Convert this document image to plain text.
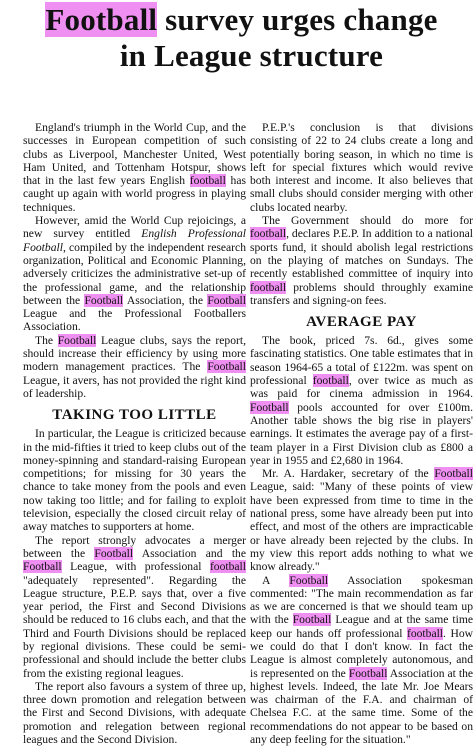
Football survey urges change
in League structure

England's triumph in the World Cup, and the successes in European competition of such clubs as Liverpool, Manchester United, West Ham United, and Tottenham Hotspur, shows that in the last few years English football has caught up again with world progress in playing techniques.

However, amid the World Cup rejoicings, a new survey entitled English Professional Football, compiled by the independent research organization, Political and Economic Planning, adversely criticizes the administrative set-up of the professional game, and the relationship between the Football Association, the Football League and the Professional Footballers Association.

The Football League clubs, says the report, should increase their efficiency by using more modern management practices. The Football League, it avers, has not provided the right kind of leadership.

TAKING TOO LITTLE

In particular, the League is criticized because in the mid-fifties it tried to keep clubs out of the money-spinning and standard-raising European competitions; for missing for 30 years the chance to take money from the pools and even now taking too little; and for failing to exploit television, especially the closed circuit relay of away matches to supporters at home.

The report strongly advocates a merger between the Football Association and the Football League, with professional football "adequately represented". Regarding the League structure, P.E.P. says that, over a five year period, the First and Second Divisions should be reduced to 16 clubs each, and that the Third and Fourth Divisions should be replaced by regional divisions. These could be semi-professional and should include the better clubs from the existing regional leagues.

The report also favours a system of three up, three down promotion and relegation between the First and Second Divisions, with adequate promotion and relegation between regional leagues and the Second Division.

P.E.P.'s conclusion is that divisions consisting of 22 to 24 clubs create a long and potentially boring season, in which no time is left for special fixtures which would revive both interest and income. It also believes that small clubs should consider merging with other clubs located nearby.

The Government should do more for football, declares P.E.P. In addition to a national sports fund, it should abolish legal restrictions on the playing of matches on Sundays. The recently established committee of inquiry into football problems should throughly examine transfers and signing-on fees.

AVERAGE PAY

The book, priced 7s. 6d., gives some fascinating statistics. One table estimates that in season 1964-65 a total of £122m. was spent on professional football, over twice as much as was paid for cinema admission in 1964. Football pools accounted for over £100m. Another table shows the big rise in players' earnings. It estimates the average pay of a first-team player in a First Division club as £800 a year in 1955 and £2,680 in 1964.

Mr. A. Hardaker, secretary of the Football League, said: "Many of these points of view have been expressed from time to time in the national press, some have already been put into effect, and most of the others are impracticable or have already been rejected by the clubs. In my view this report adds nothing to what we know already."

A Football Association spokesman commented: "The main recommendation as far as we are concerned is that we should team up with the Football League and at the same time keep our hands off professional football. How we could do that I don't know. In fact the League is almost completely autonomous, and is represented on the Football Association at the highest levels. Indeed, the late Mr. Joe Mears was chairman of the F.A. and chairman of Chelsea F.C. at the same time. Some of the recommendations do not appear to be based on any deep feeling for the situation."
